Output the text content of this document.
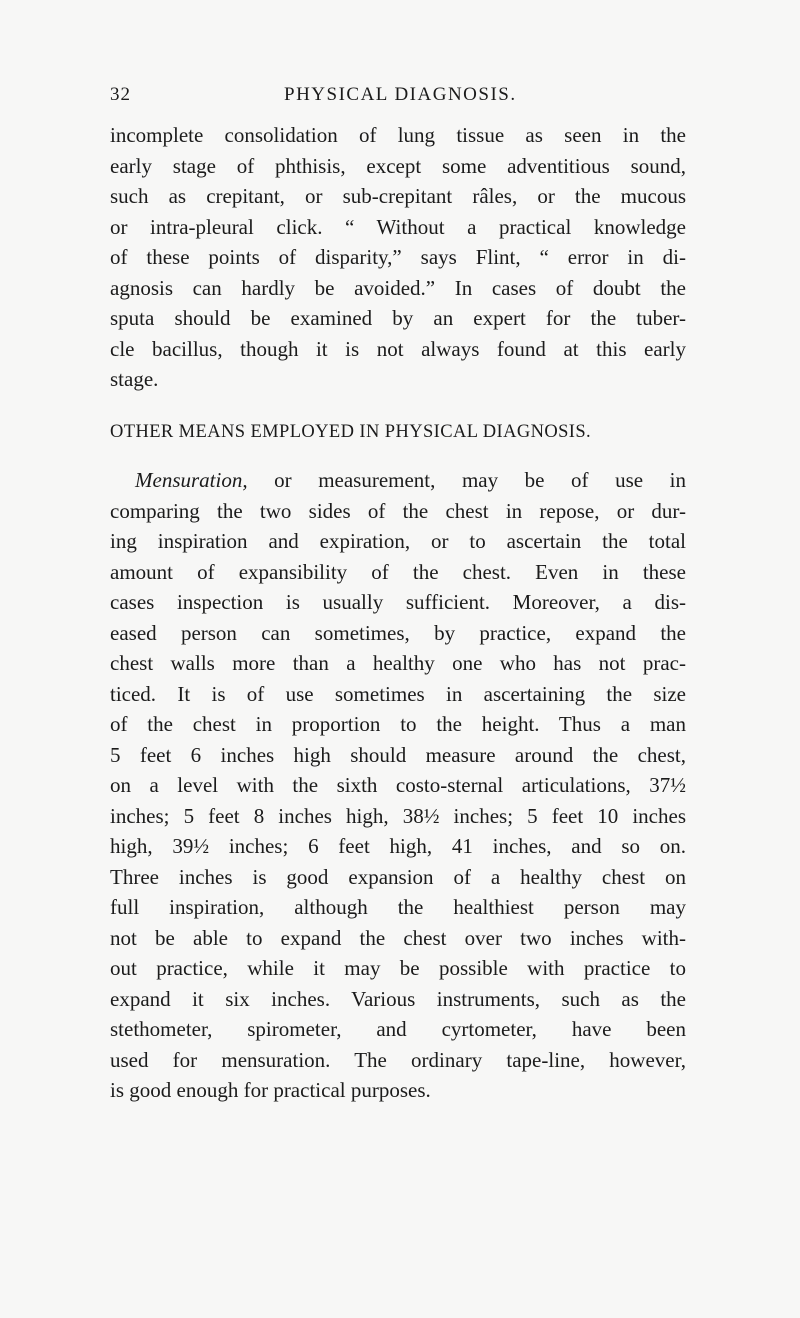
32	PHYSICAL DIAGNOSIS.
incomplete consolidation of lung tissue as seen in the
early stage of phthisis, except some adventitious sound,
such as crepitant, or sub-crepitant râles, or the mucous
or intra-pleural click. “ Without a practical knowledge
of these points of disparity,” says Flint, “ error in di-
agnosis can hardly be avoided.” In cases of doubt the
sputa should be examined by an expert for the tuber-
cle bacillus, though it is not always found at this early
stage.
OTHER MEANS EMPLOYED IN PHYSICAL DIAGNOSIS.
Mensuration, or measurement, may be of use in
comparing the two sides of the chest in repose, or dur-
ing inspiration and expiration, or to ascertain the total
amount of expansibility of the chest. Even in these
cases inspection is usually sufficient. Moreover, a dis-
eased person can sometimes, by practice, expand the
chest walls more than a healthy one who has not prac-
ticed. It is of use sometimes in ascertaining the size
of the chest in proportion to the height. Thus a man
5 feet 6 inches high should measure around the chest,
on a level with the sixth costo-sternal articulations, 37½
inches; 5 feet 8 inches high, 38½ inches; 5 feet 10 inches
high, 39½ inches; 6 feet high, 41 inches, and so on.
Three inches is good expansion of a healthy chest on
full inspiration, although the healthiest person may
not be able to expand the chest over two inches with-
out practice, while it may be possible with practice to
expand it six inches. Various instruments, such as the
stethometer, spirometer, and cyrtometer, have been
used for mensuration. The ordinary tape-line, however,
is good enough for practical purposes.
